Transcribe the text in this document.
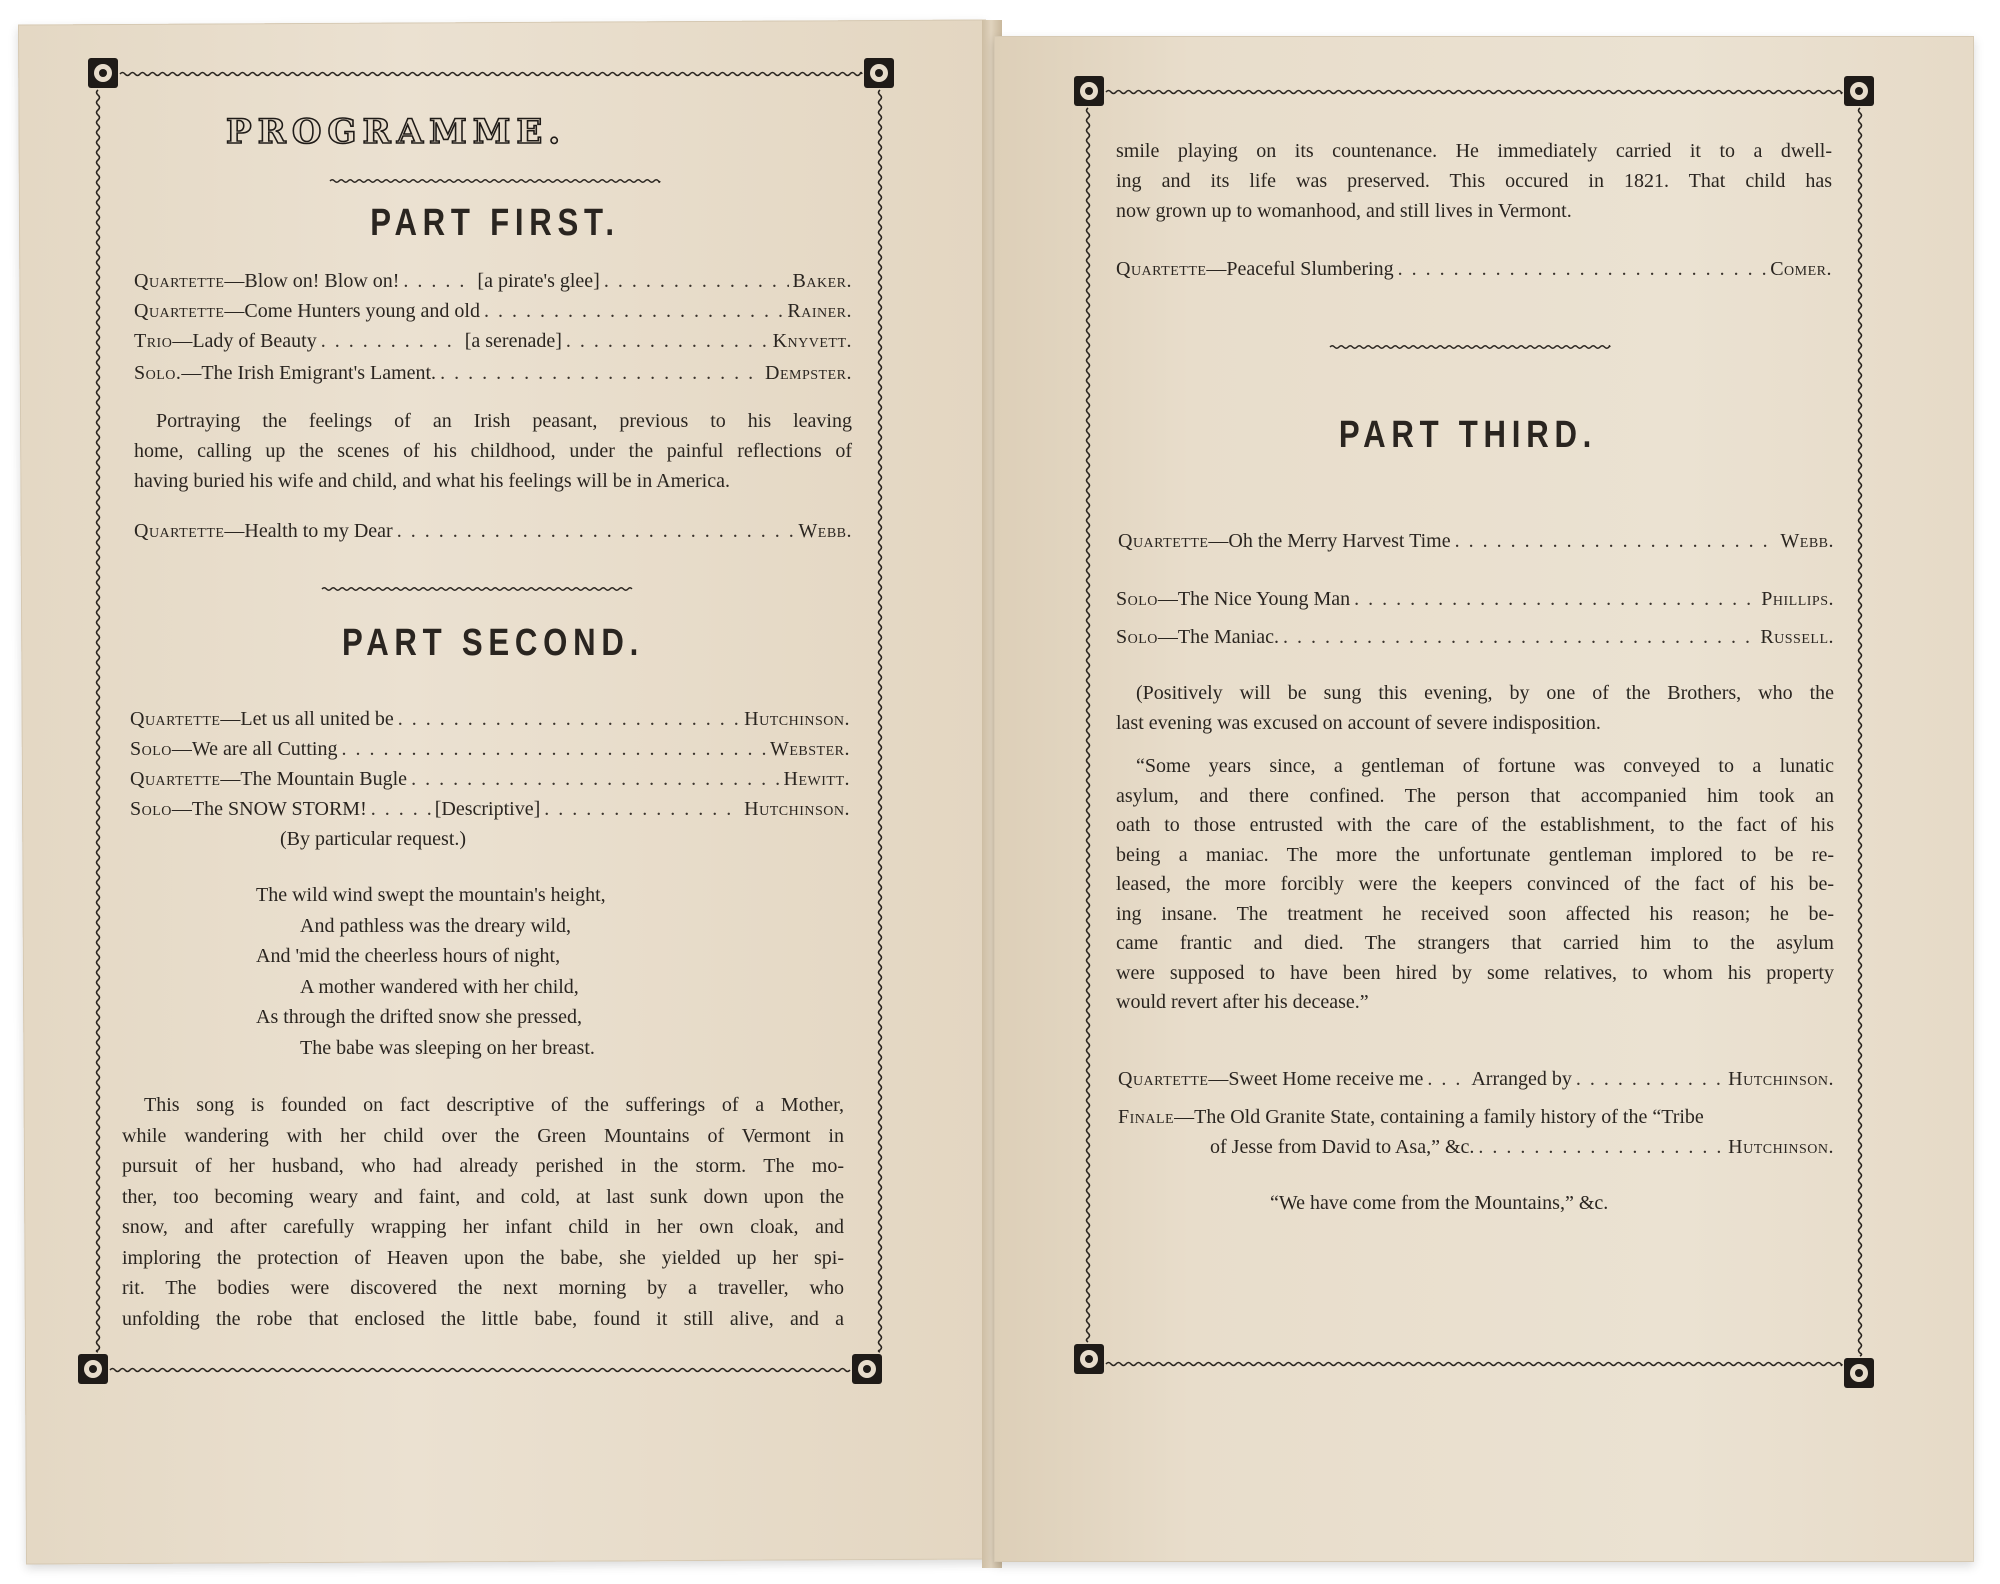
PROGRAMME.
PART FIRST.
Quartette —Blow on! Blow on! . . .	[a pirate's glee] . . .	Baker.
Quartette —Come Hunters young and old . . .	Rainer.
Trio —Lady of Beauty . . .	[a serenade] . . .	Knyvett.
Solo. —The Irish Emigrant's Lament. . . .	Dempster.
Portraying the feelings of an Irish peasant, previous to his leaving
home, calling up the scenes of his childhood, under the painful reflections of
having buried his wife and child, and what his feelings will be in America.
Quartette —Health to my Dear . . .	Webb.
PART SECOND.
Quartette —Let us all united be . . .	Hutchinson.
Solo —We are all Cutting . . .	Webster.
Quartette —The Mountain Bugle . . .	Hewitt.
Solo —The SNOW STORM! . . .	[Descriptive] . . .	Hutchinson.
(By particular request.)
The wild wind swept the mountain's height,
And pathless was the dreary wild,
And 'mid the cheerless hours of night,
A mother wandered with her child,
As through the drifted snow she pressed,
The babe was sleeping on her breast.
This song is founded on fact descriptive of the sufferings of a Mother,
while wandering with her child over the Green Mountains of Vermont in
pursuit of her husband, who had already perished in the storm. The mo-
ther, too becoming weary and faint, and cold, at last sunk down upon the
snow, and after carefully wrapping her infant child in her own cloak, and
imploring the protection of Heaven upon the babe, she yielded up her spi-
rit. The bodies were discovered the next morning by a traveller, who
unfolding the robe that enclosed the little babe, found it still alive, and a
smile playing on its countenance. He immediately carried it to a dwell-
ing and its life was preserved. This occured in 1821. That child has
now grown up to womanhood, and still lives in Vermont.
Quartette —Peaceful Slumbering . . .	Comer.
PART THIRD.
Quartette —Oh the Merry Harvest Time . . .	Webb.
Solo —The Nice Young Man . . .	Phillips.
Solo —The Maniac. . . .	Russell.
(Positively will be sung this evening, by one of the Brothers, who the
last evening was excused on account of severe indisposition.
“Some years since, a gentleman of fortune was conveyed to a lunatic
asylum, and there confined. The person that accompanied him took an
oath to those entrusted with the care of the establishment, to the fact of his
being a maniac. The more the unfortunate gentleman implored to be re-
leased, the more forcibly were the keepers convinced of the fact of his be-
ing insane. The treatment he received soon affected his reason; he be-
came frantic and died. The strangers that carried him to the asylum
were supposed to have been hired by some relatives, to whom his property
would revert after his decease.”
Quartette —Sweet Home receive me . . . Arranged by . . .	Hutchinson.
Finale —The Old Granite State, containing a family history of the “Tribe
of Jesse from David to Asa,” &c. . . .	Hutchinson.
“We have come from the Mountains,” &c.
